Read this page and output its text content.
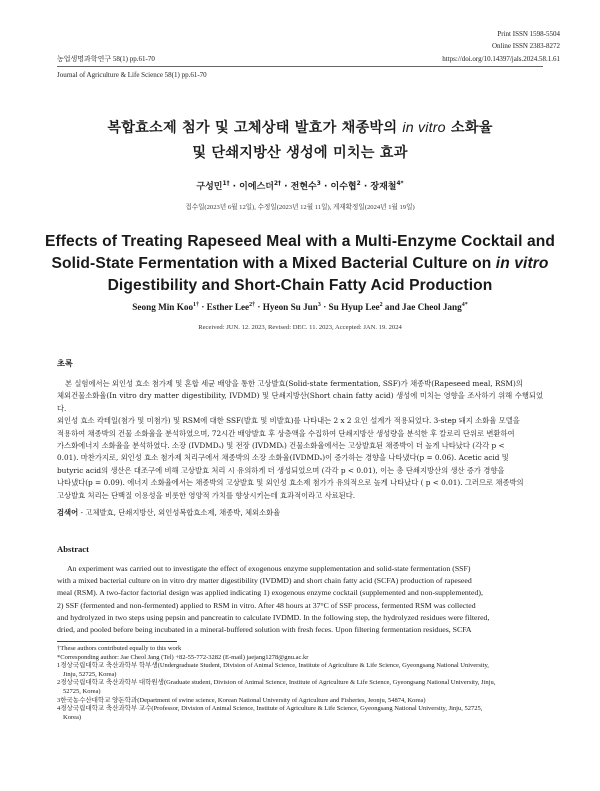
Print ISSN 1598-5504
Online ISSN 2383-8272
농업생명과학연구 58(1) pp.61-70	https://doi.org/10.14397/jals.2024.58.1.61
Journal of Agriculture & Life Science 58(1) pp.61-70
복합효소제 첨가 및 고체상태 발효가 채종박의 in vitro 소화율
및 단쇄지방산 생성에 미치는 효과
구성민$^{1\dagger}$ · 이에스더$^{2\dagger}$ · 전현수$^3$ · 이수협$^2$ · 장재철$^{4*}$
접수일(2023년 6월 12일), 수정일(2023년 12월 11일), 게재확정일(2024년 1월 19일)
Effects of Treating Rapeseed Meal with a Multi-Enzyme Cocktail and
Solid-State Fermentation with a Mixed Bacterial Culture on in vitro
Digestibility and Short-Chain Fatty Acid Production
Seong Min Koo$^{1\dagger}$ · Esther Lee$^{2\dagger}$ · Hyeon Su Jun$^3$ · Su Hyup Lee$^2$ and Jae Cheol Jang$^{4*}$
Received: JUN. 12. 2023, Revised: DEC. 11. 2023, Accepted: JAN. 19. 2024
초록
본 실험에서는 외인성 효소 첨가제 및 혼합 세균 배양을 통한 고상발효(Solid-state fermentation, SSF)가 채종박(Rapeseed meal, RSM)의
체외건물소화율(In vitro dry matter digestibility, IVDMD) 및 단쇄지방산(Short chain fatty acid) 생성에 미치는 영향을 조사하기 위해 수행되었다.
외인성 효소 칵테일(첨가 및 미첨가) 및 RSM에 대한 SSF(발효 및 비발효)를 나타내는 2 x 2 요인 설계가 적용되었다. 3-step 돼지 소화율 모델을
적용하여 채종박의 건물 소화율을 분석하였으며, 72시간 배양발효 후 상층액을 수집하여 단쇄지방산 생성량을 분석한 후 칼로리 단위로 변환하여
가스화에너지 소화율을 분석하였다. 소장 (IVDMDₛ) 및 전장 (IVDMDₜ) 건물소화율에서는 고상발효된 채종박이 더 높게 나타났다 (각각 p <
0.01). 마찬가지로, 외인성 효소 첨가제 처리구에서 채종박의 소장 소화율(IVDMDₛ)이 증가하는 경향을 나타냈다(p = 0.06). Acetic acid 및
butyric acid의 생산은 대조구에 비해 고상발효 처리 시 유의하게 더 생성되었으며 (각각 p < 0.01), 이는 총 단쇄지방산의 생산 증가 경향을
나타냈다(p = 0.09). 에너지 소화율에서는 채종박의 고상발효 및 외인성 효소제 첨가가 유의적으로 높게 나타났다 ( p < 0.01). 그러므로 채종박의
고상발효 처리는 단백질 이용성을 비롯한 영양적 가치를 향상시키는데 효과적이라고 사료된다.
검색어 - 고체발효, 단쇄지방산, 외인성복합효소제, 채종박, 체외소화율
Abstract
An experiment was carried out to investigate the effect of exogenous enzyme supplementation and solid-state fermentation (SSF)
with a mixed bacterial culture on in vitro dry matter digestibility (IVDMD) and short chain fatty acid (SCFA) production of rapeseed
meal (RSM). A two-factor factorial design was applied indicating 1) exogenous enzyme cocktail (supplemented and non-supplemented),
2) SSF (fermented and non-fermented) applied to RSM in vitro. After 48 hours at 37°C of SSF process, fermented RSM was collected
and hydrolyzed in two steps using pepsin and pancreatin to calculate IVDMD. In the following step, the hydrolyzed residues were filtered,
dried, and pooled before being incubated in a mineral-buffered solution with fresh feces. Upon filtering fermentation residues, SCFA
†These authors contributed equally to this work
*Corresponding author: Jae Cheol Jang (Tel) +82-55-772-3282 (E-mail) jaejang1278@gnu.ac.kr
1경상국립대학교 축산과학부 학부생(Undergraduate Student, Division of Animal Science, Institute of Agriculture & Life Science, Gyeongsang National University,
Jinju, 52725, Korea)
2경상국립대학교 축산과학부 대학원생(Graduate student, Division of Animal Science, Institute of Agriculture & Life Science, Gyeongsang National University, Jinju,
52725, Korea)
3한국농수산대학교 양돈학과(Department of swine science, Korean National University of Agriculture and Fisheries, Jeonju, 54874, Korea)
4경상국립대학교 축산과학부 교수(Professor, Division of Animal Science, Institute of Agriculture & Life Science, Gyeongsang National University, Jinju, 52725,
Korea)
